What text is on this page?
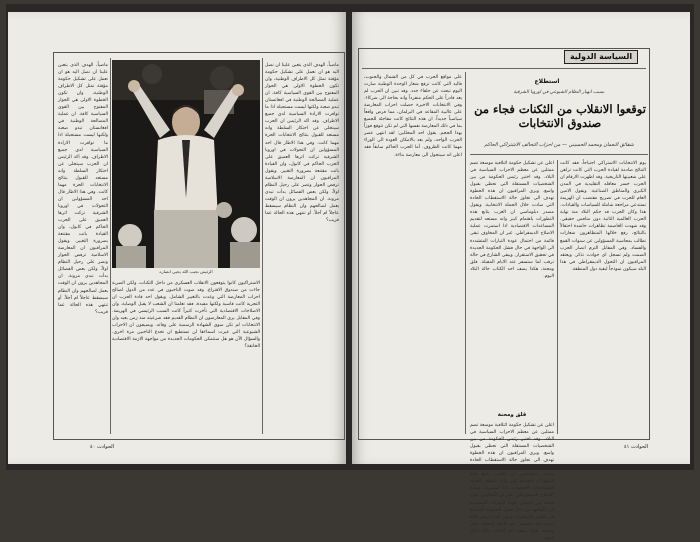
ماضياً، الهدف الذي يتعين علينا ان نصل اليه هو ان نعمل على تشكيل حكومة مؤقتة تمثل كل الاطراف الوطنية، وان تكون الخطوة الاولى هي الحوار المفتوح بين القوى السياسية كافة. ان عملية المصالحة الوطنية في افغانستان تبدو صعبة ولكنها ليست مستحيلة اذا ما توافرت الارادة السياسية لدى جميع الاطراف. وقد اكد الرئيس ان الحزب سيتخلى عن احتكار السلطة وانه مستعد للقبول بنتائج الانتخابات الحرة مهما كانت. وفي هذا الاطار قال احد المسؤولين ان التحولات في اوروبا الشرقية تركت اثرها العميق على الحزب الحاكم في كابول، وان القيادة باتت مقتنعة بضرورة التغيير. ويقول المراقبون ان المعارضة الاسلامية ترفض الحوار وتصر على رحيل النظام اولاً، ولكن بعض الفصائل بدأت تبدي مرونة. ان المجاهدين يرون ان الوقت يعمل لصالحهم وان النظام سيسقط عاجلاً ام آجلاً. أو تنتهي هذه الحالة عما قريب؟
الرئيس نجيب الله يحيي انصاره
الاشتراكيون كانوا يتوقعون الانقلاب العسكري من داخل الثكنات، ولكن الضربة جاءت من صندوق الاقتراع. وقد صوت الناخبون في عدد من الدول لصالح احزاب المعارضة التي وعدت بالتغيير الشامل. ويقول احد قادة الحزب ان التجربة كانت قاسية ولكنها مفيدة، فقد تعلمنا ان الشعب لا يقبل الوصاية. وان الاصلاحات الاقتصادية التي تأخرت كثيراً كانت السبب الرئيسي في الهزيمة. وفي المقابل يرى المعارضون ان النظام القديم فقد شرعيته منذ زمن بعيد وان الانتخابات لم تكن سوى الشهادة الرسمية على وفاته. ويضيفون ان الاحزاب الشيوعية التي غيرت اسماءها لن تستطيع ان تخدع الناخبين مرة اخرى. والسؤال الآن هو هل ستتمكن الحكومات الجديدة من مواجهة الازمة الاقتصادية الخانقة؟
ماضياً، الهدف الذي يتعين علينا ان نصل اليه هو ان نعمل على تشكيل حكومة مؤقتة تمثل كل الاطراف الوطنية، وان تكون الخطوة الاولى هي الحوار المفتوح بين القوى السياسية كافة. ان عملية المصالحة الوطنية في افغانستان تبدو صعبة ولكنها ليست مستحيلة اذا ما توافرت الارادة السياسية لدى جميع الاطراف. وقد اكد الرئيس ان الحزب سيتخلى عن احتكار السلطة وانه مستعد للقبول بنتائج الانتخابات الحرة مهما كانت. وفي هذا الاطار قال احد المسؤولين ان التحولات في اوروبا الشرقية تركت اثرها العميق على الحزب الحاكم في كابول، وان القيادة باتت مقتنعة بضرورة التغيير. ويقول المراقبون ان المعارضة الاسلامية ترفض الحوار وتصر على رحيل النظام اولاً، ولكن بعض الفصائل بدأت تبدي مرونة. ان المجاهدين يرون ان الوقت يعمل لصالحهم وان النظام سيسقط عاجلاً ام آجلاً. أو تنتهي هذه الحالة عما قريب؟
الحوادث ٤٠
السياسة الدولية
على مواقع الحزب في كل من الشمال والجنوب، فاليد التي كانت ترفع شعار الوحدة الوطنية صارت اليوم تبحث عن حلفاء جدد. وقد تبين ان الحزب لم يعد قادراً على الحكم منفرداً وانه بحاجة الى شركاء. وفي الانتخابات الاخيرة حصلت احزاب المعارضة على غالبية المقاعد في البرلمان، مما فرض واقعاً سياسياً جديداً. ان هذه النتائج كانت مفاجئة للجميع بما في ذلك المعارضة نفسها التي لم تكن تتوقع فوزاً بهذا الحجم. يقول احد المحللين: لقد انتهى عصر الحزب الواحد، ولم يعد بالامكان العودة الى الوراء مهما كانت الظروف. أما الحزب الحاكم سابقاً فقد اعلن انه سيتحول الى معارضة بناءة.
استطلاع
بسبب انهيار النظام الشيوعي في اوروبا الشرقية
توقعوا الانقلاب من الثكنات فجاء من صندوق الانتخابات
شقائق النعمان ومحمد الحسيني — من احزاب التحالف الاشتراكي الحاكم
اعلن عن تشكيل حكومة ائتلافية موسعة تضم ممثلين عن معظم الاحزاب السياسية في البلاد. وقد اختير رئيس الحكومة من بين الشخصيات المستقلة التي تحظى بقبول واسع. ويرى المراقبون ان هذه الخطوة تهدف الى تجاوز حالة الاستقطاب الحادة التي سادت خلال الحملة الانتخابية. ويقول مصدر دبلوماسي ان الغرب يتابع هذه التطورات باهتمام كبير وانه مستعد لتقديم المساعدات الاقتصادية اذا استمرت عملية الاصلاح الديمقراطي. غير ان المخاوف تبقى قائمة من احتمال عودة التيارات المتشددة الى الواجهة في حال فشل الحكومة الجديدة في تحقيق الاستقرار. ويبقى الشارع في حالة ترقب لما ستسفر عنه الايام المقبلة. قلق ومحنة، هكذا يصف احد الكتاب حالة البلاد اليوم.
قلق ومحنة
اعلن عن تشكيل حكومة ائتلافية موسعة تضم ممثلين عن معظم الاحزاب السياسية في البلاد. وقد اختير رئيس الحكومة من بين الشخصيات المستقلة التي تحظى بقبول واسع. ويرى المراقبون ان هذه الخطوة تهدف الى تجاوز حالة الاستقطاب الحادة التي سادت خلال الحملة الانتخابية. ويقول مصدر دبلوماسي ان الغرب يتابع هذه التطورات باهتمام كبير وانه مستعد لتقديم المساعدات الاقتصادية اذا استمرت عملية الاصلاح الديمقراطي. غير ان المخاوف تبقى قائمة من احتمال عودة التيارات المتشددة الى الواجهة في حال فشل الحكومة الجديدة في تحقيق الاستقرار. ويبقى الشارع في حالة ترقب لما ستسفر عنه الايام المقبلة. قلق ومحنة، هكذا يصف احد الكتاب حالة البلاد اليوم.
يوم الانتخابات الاشتراكي اجتياحاً، فقد كانت النتائج صادمة لقيادة الحزب التي كانت تراهن على شعبيتها التاريخية. وقد اظهرت الارقام ان الحزب خسر معاقله التقليدية في المدن الكبرى والمناطق الصناعية. ويقول الامين العام للحزب في تصريح مقتضب ان الهزيمة تستدعي مراجعة شاملة للسياسات والقيادات. هذا وكان الحزب قد حكم البلاد منذ نهاية الحرب العالمية الثانية دون منافس حقيقي. وقد شهدت العاصمة تظاهرات حاشدة احتفالاً بالنتائج، رفع خلالها المتظاهرون شعارات تطالب بمحاسبة المسؤولين عن سنوات القمع والفساد. وفي المقابل التزم انصار الحزب الصمت ولم تسجل اي حوادث تذكر. ويعتقد المراقبون ان التحول الديمقراطي في هذا البلد سيكون نموذجاً لبقية دول المنطقة.
الحوادث ٤١
